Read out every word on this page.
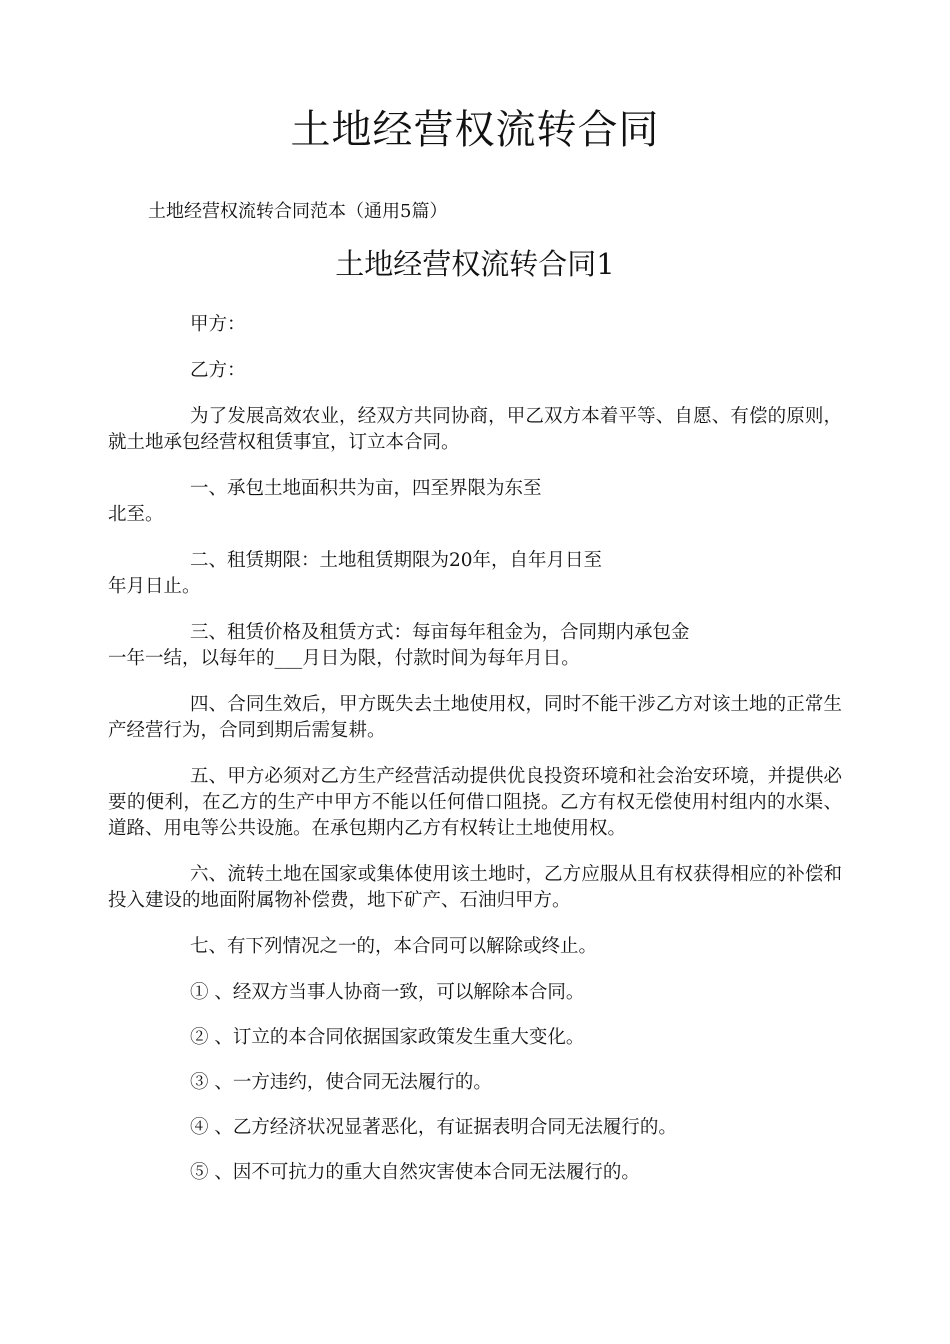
土地经营权流转合同

土地经营权流转合同范本（通用5篇）

土地经营权流转合同1

甲方：

乙方：

为了发展高效农业，经双方共同协商，甲乙双方本着平等、自愿、有偿的原则，就土地承包经营权租赁事宜，订立本合同。

一、承包土地面积共为亩，四至界限为东至
北至。

二、租赁期限：土地租赁期限为20年，自年月日至
年月日止。

三、租赁价格及租赁方式：每亩每年租金为，合同期内承包金
一年一结，以每年的___月日为限，付款时间为每年月日。

四、合同生效后，甲方既失去土地使用权，同时不能干涉乙方对该土地的正常生产经营行为，合同到期后需复耕。

五、甲方必须对乙方生产经营活动提供优良投资环境和社会治安环境，并提供必要的便利，在乙方的生产中甲方不能以任何借口阻挠。乙方有权无偿使用村组内的水渠、道路、用电等公共设施。在承包期内乙方有权转让土地使用权。

六、流转土地在国家或集体使用该土地时，乙方应服从且有权获得相应的补偿和投入建设的地面附属物补偿费，地下矿产、石油归甲方。

七、有下列情况之一的，本合同可以解除或终止。

① 、经双方当事人协商一致，可以解除本合同。

② 、订立的本合同依据国家政策发生重大变化。

③ 、一方违约，使合同无法履行的。

④ 、乙方经济状况显著恶化，有证据表明合同无法履行的。

⑤ 、因不可抗力的重大自然灾害使本合同无法履行的。
